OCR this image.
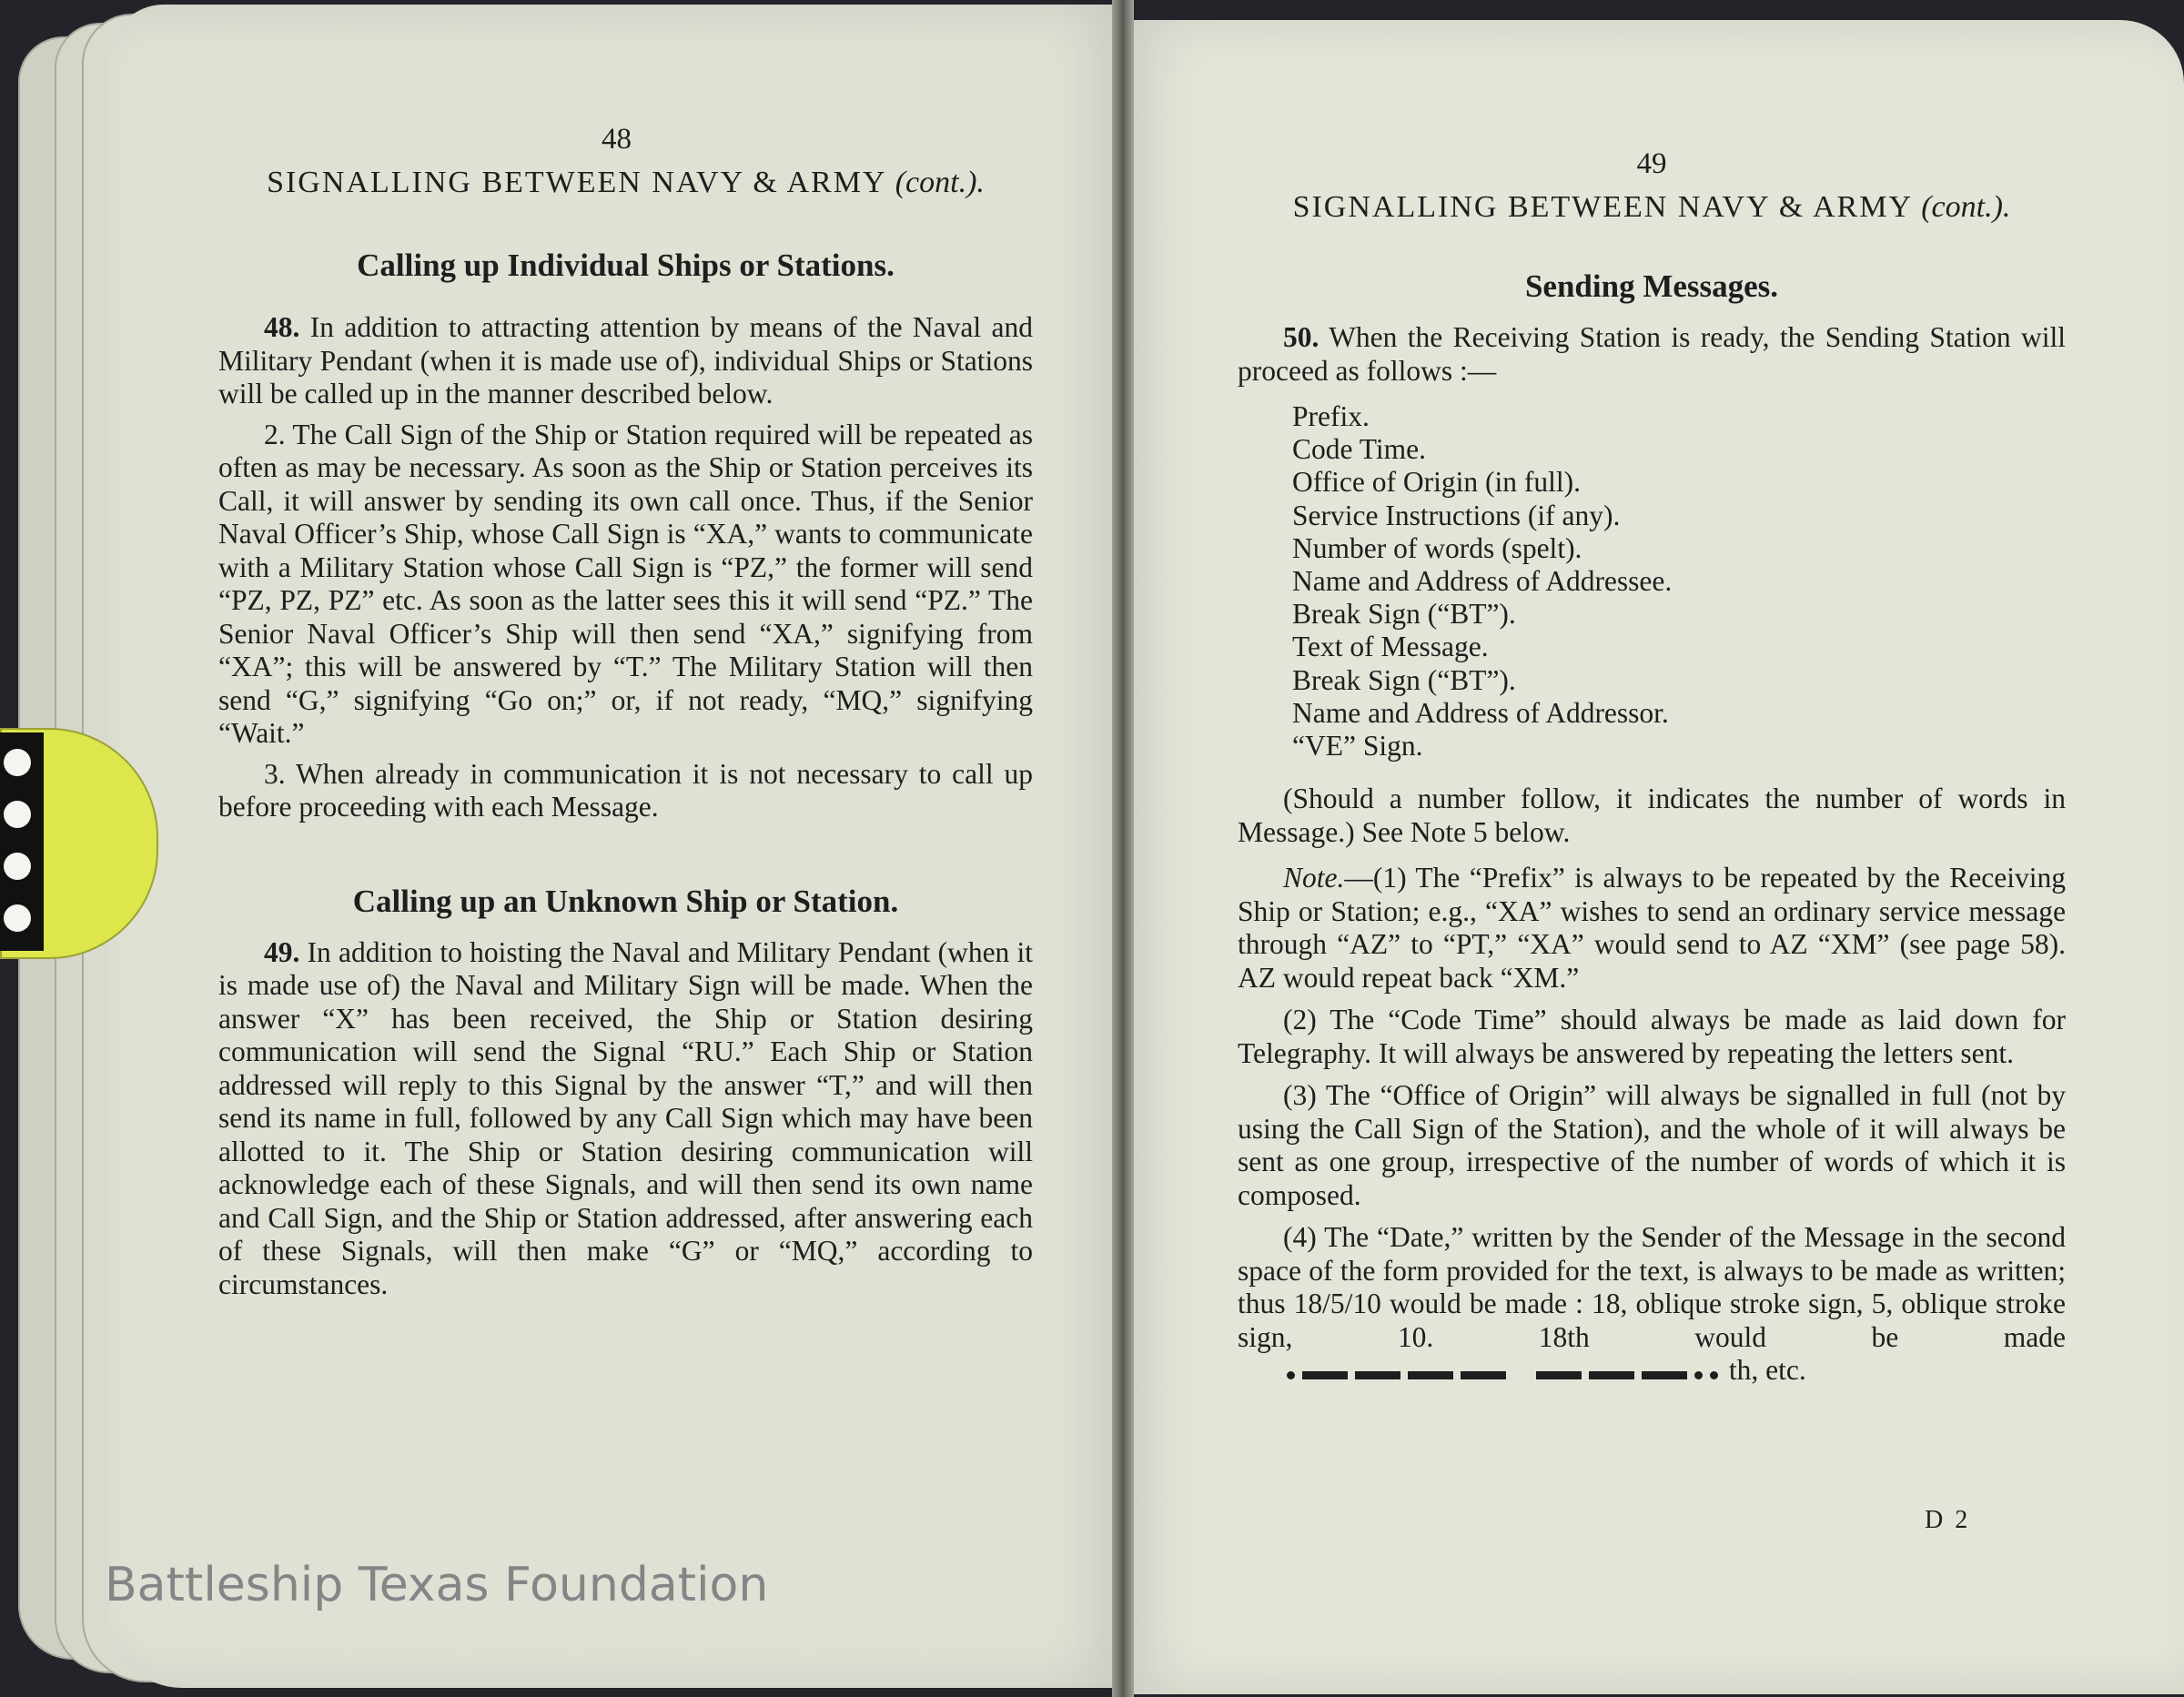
48
SIGNALLING BETWEEN NAVY & ARMY (cont.).
Calling up Individual Ships or Stations.

48. In addition to attracting attention by means of the Naval and Military Pendant (when it is made use of), individual Ships or Stations will be called up in the manner described below.

2. The Call Sign of the Ship or Station required will be repeated as often as may be necessary. As soon as the Ship or Station perceives its Call, it will answer by sending its own call once. Thus, if the Senior Naval Officer’s Ship, whose Call Sign is “XA,” wants to communicate with a Military Station whose Call Sign is “PZ,” the former will send “PZ, PZ, PZ” etc. As soon as the latter sees this it will send “PZ.” The Senior Naval Officer’s Ship will then send “XA,” signifying from “XA”; this will be answered by “T.” The Military Station will then send “G,” signifying “Go on;” or, if not ready, “MQ,” signifying “Wait.”

3. When already in communication it is not necessary to call up before proceeding with each Message.

Calling up an Unknown Ship or Station.

49. In addition to hoisting the Naval and Military Pendant (when it is made use of) the Naval and Military Sign will be made. When the answer “X” has been received, the Ship or Station desiring communication will send the Signal “RU.” Each Ship or Station addressed will reply to this Signal by the answer “T,” and will then send its name in full, followed by any Call Sign which may have been allotted to it. The Ship or Station desiring communication will acknowledge each of these Signals, and will then send its own name and Call Sign, and the Ship or Station addressed, after answering each of these Signals, will then make “G” or “MQ,” according to circumstances.

49
SIGNALLING BETWEEN NAVY & ARMY (cont.).
Sending Messages.

50. When the Receiving Station is ready, the Sending Station will proceed as follows :—

Prefix.
Code Time.
Office of Origin (in full).
Service Instructions (if any).
Number of words (spelt).
Name and Address of Addressee.
Break Sign (“BT”).
Text of Message.
Break Sign (“BT”).
Name and Address of Addressor.
“VE” Sign.

(Should a number follow, it indicates the number of words in Message.) See Note 5 below.

Note.—(1) The “Prefix” is always to be repeated by the Receiving Ship or Station; e.g., “XA” wishes to send an ordinary service message through “AZ” to “PT,” “XA” would send to AZ “XM” (see page 58). AZ would repeat back “XM.”

(2) The “Code Time” should always be made as laid down for Telegraphy. It will always be answered by repeating the letters sent.

(3) The “Office of Origin” will always be signalled in full (not by using the Call Sign of the Station), and the whole of it will always be sent as one group, irrespective of the number of words of which it is composed.

(4) The “Date,” written by the Sender of the Message in the second space of the form provided for the text, is always to be made as written; thus 18/5/10 would be made : 18, oblique stroke sign, 5, oblique stroke sign, 10. 18th would be made  th, etc.

D 2
Battleship Texas Foundation
